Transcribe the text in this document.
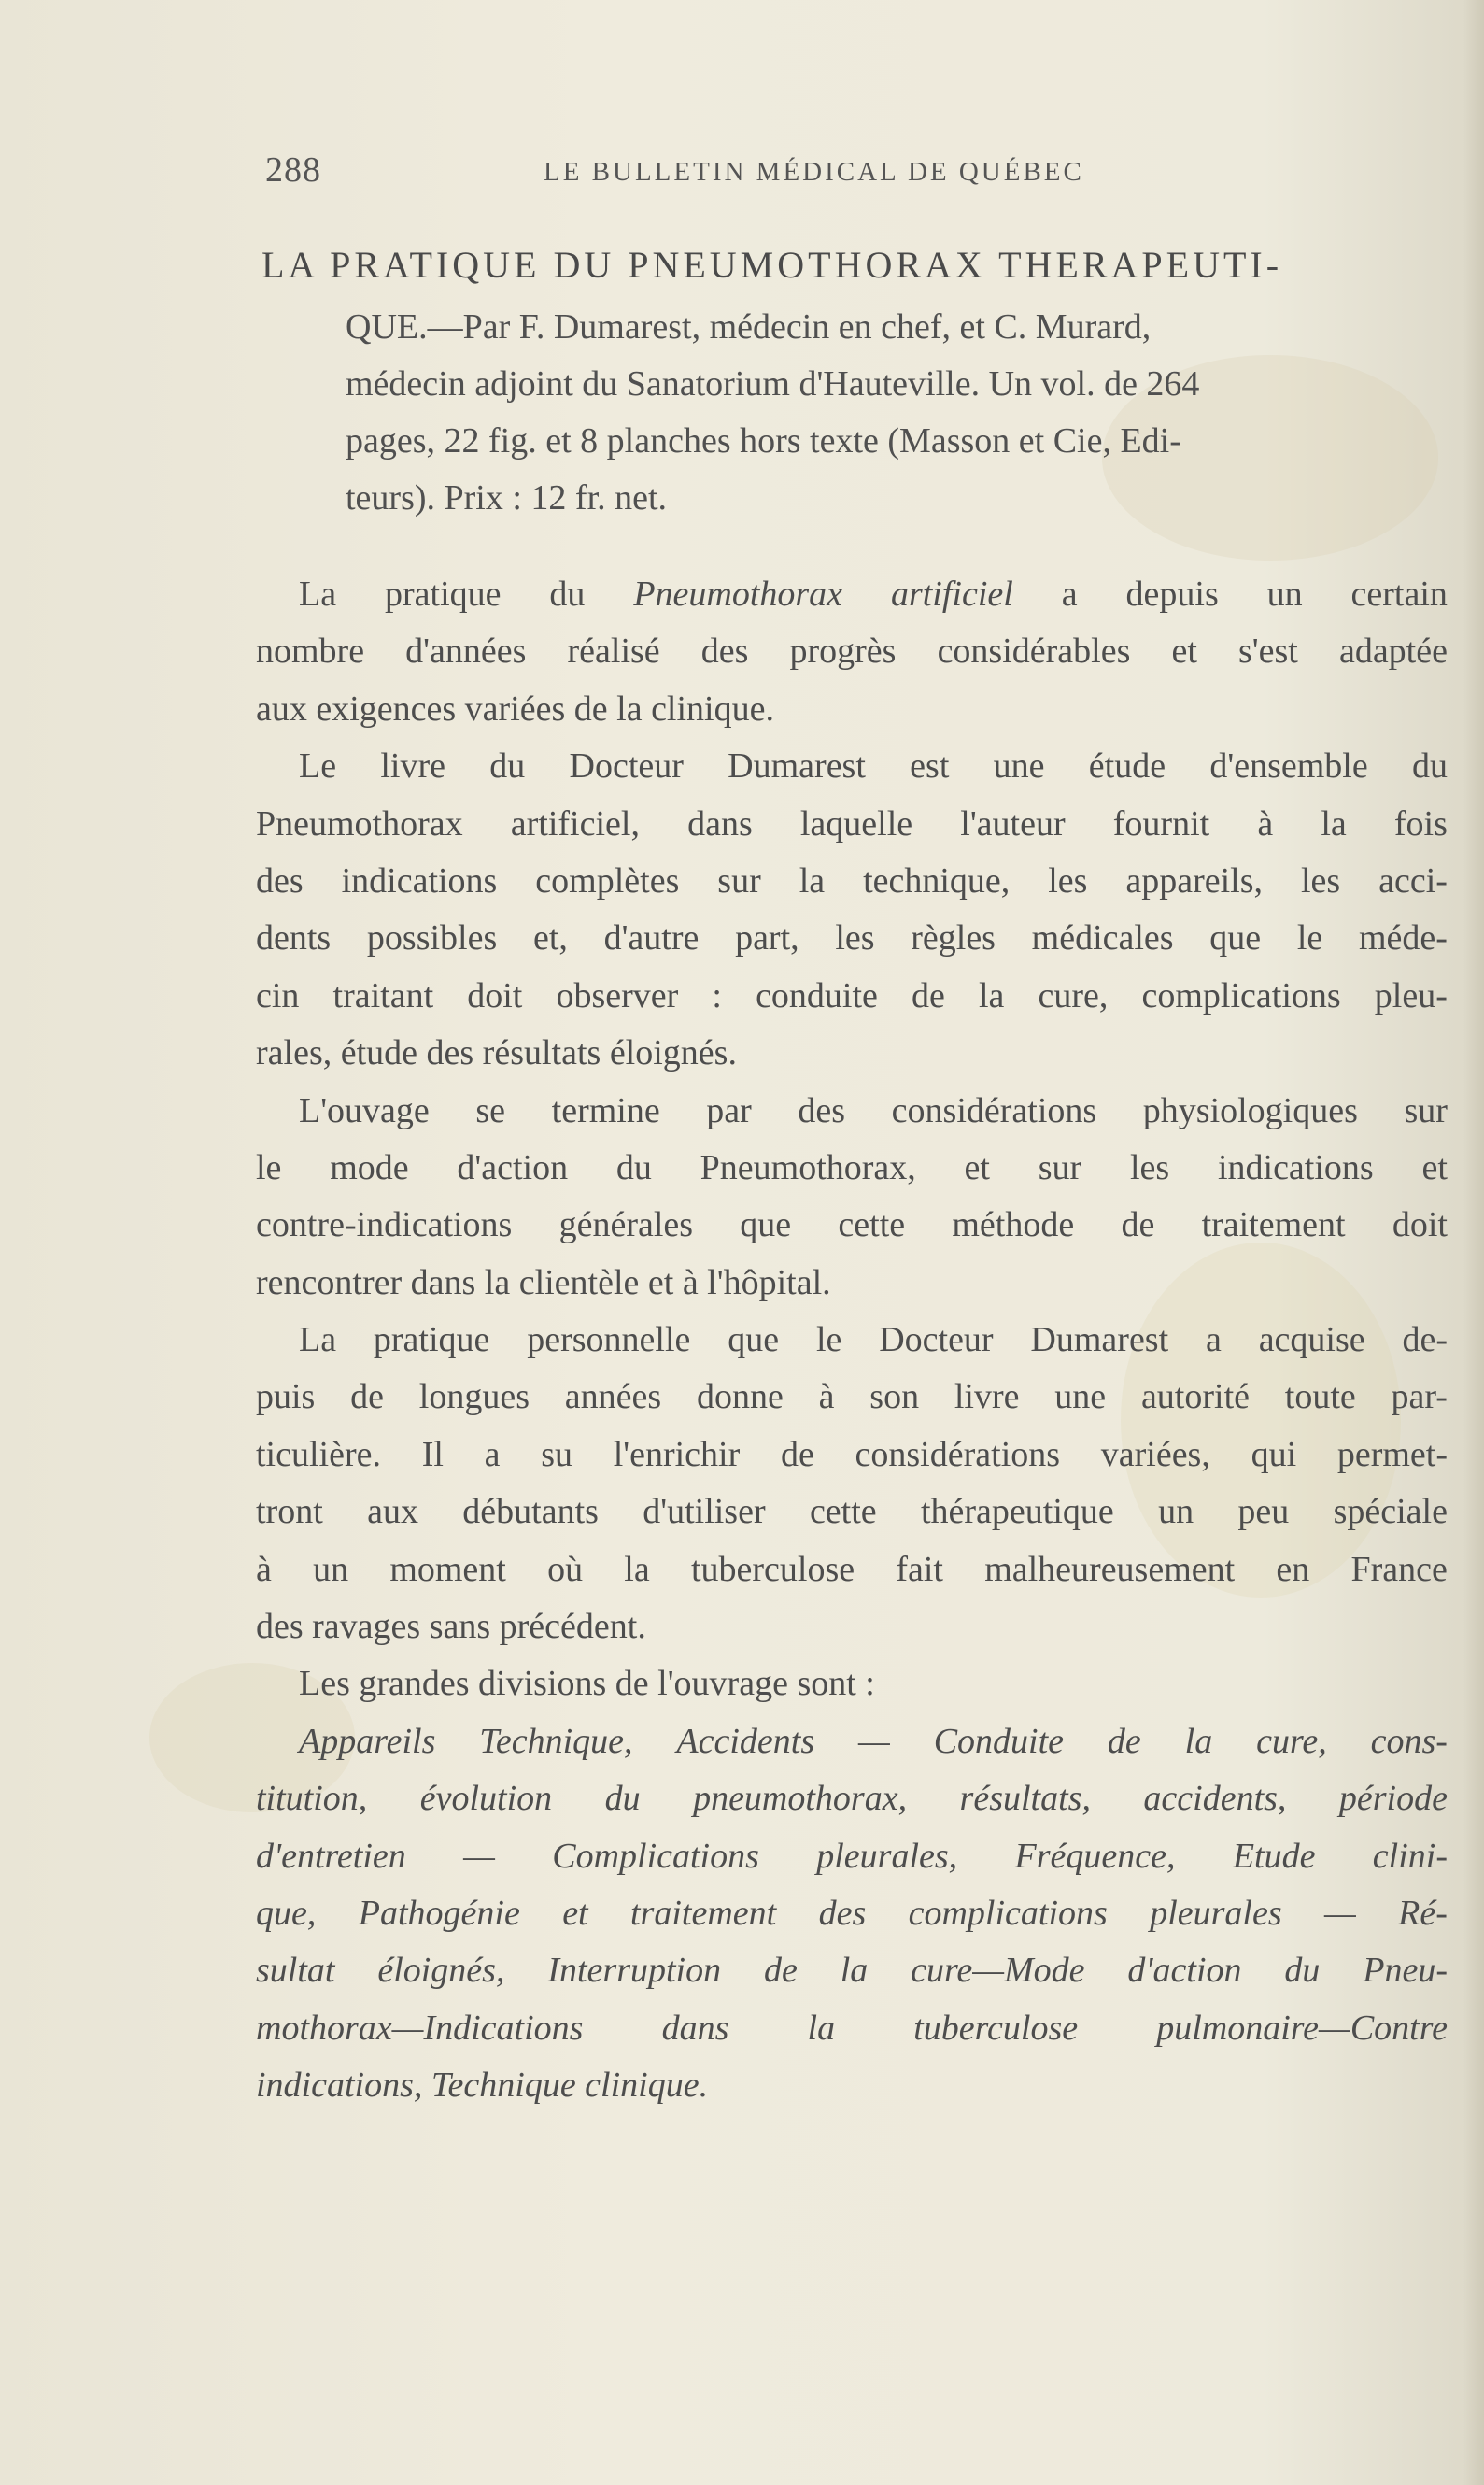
288	LE BULLETIN MÉDICAL DE QUÉBEC
LA PRATIQUE DU PNEUMOTHORAX THERAPEUTI-
QUE.—Par F. Dumarest, médecin en chef, et C. Murard,
médecin adjoint du Sanatorium d'Hauteville. Un vol. de 264
pages, 22 fig. et 8 planches hors texte (Masson et Cie, Edi-
teurs). Prix : 12 fr. net.
La pratique du Pneumothorax artificiel a depuis un certain
nombre d'années réalisé des progrès considérables et s'est adaptée
aux exigences variées de la clinique.
Le livre du Docteur Dumarest est une étude d'ensemble du
Pneumothorax artificiel, dans laquelle l'auteur fournit à la fois
des indications complètes sur la technique, les appareils, les acci-
dents possibles et, d'autre part, les règles médicales que le méde-
cin traitant doit observer : conduite de la cure, complications pleu-
rales, étude des résultats éloignés.
L'ouvage se termine par des considérations physiologiques sur
le mode d'action du Pneumothorax, et sur les indications et
contre-indications générales que cette méthode de traitement doit
rencontrer dans la clientèle et à l'hôpital.
La pratique personnelle que le Docteur Dumarest a acquise de-
puis de longues années donne à son livre une autorité toute par-
ticulière. Il a su l'enrichir de considérations variées, qui permet-
tront aux débutants d'utiliser cette thérapeutique un peu spéciale
à un moment où la tuberculose fait malheureusement en France
des ravages sans précédent.
Les grandes divisions de l'ouvrage sont :
Appareils Technique, Accidents — Conduite de la cure, cons-
titution, évolution du pneumothorax, résultats, accidents, période
d'entretien — Complications pleurales, Fréquence, Etude clini-
que, Pathogénie et traitement des complications pleurales — Ré-
sultat éloignés, Interruption de la cure—Mode d'action du Pneu-
mothorax—Indications dans la tuberculose pulmonaire—Contre
indications, Technique clinique.
